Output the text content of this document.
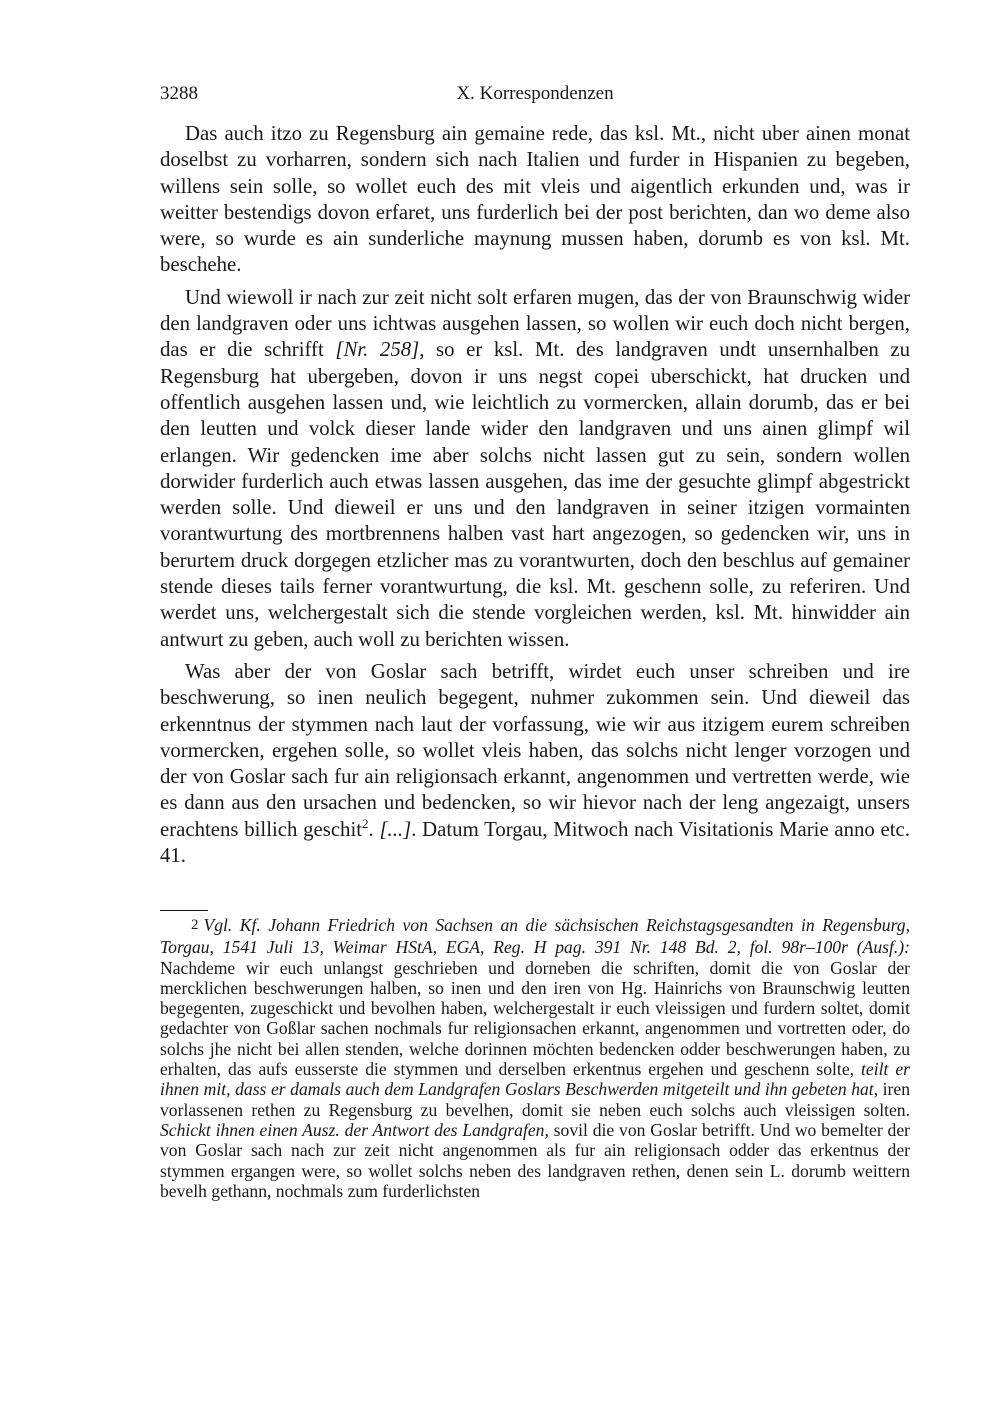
3288	X. Korrespondenzen

Das auch itzo zu Regensburg ain gemaine rede, das ksl. Mt., nicht uber ainen monat doselbst zu vorharren, sondern sich nach Italien und furder in Hispanien zu begeben, willens sein solle, so wollet euch des mit vleis und aigentlich erkunden und, was ir weitter bestendigs dovon erfaret, uns furderlich bei der post berichten, dan wo deme also were, so wurde es ain sunderliche maynung mussen haben, dorumb es von ksl. Mt. beschehe.

Und wiewoll ir nach zur zeit nicht solt erfaren mugen, das der von Braunschwig wider den landgraven oder uns ichtwas ausgehen lassen, so wollen wir euch doch nicht bergen, das er die schrifft [Nr. 258], so er ksl. Mt. des landgraven undt unsernhalben zu Regensburg hat ubergeben, dovon ir uns negst copei uberschickt, hat drucken und offentlich ausgehen lassen und, wie leichtlich zu vormercken, allain dorumb, das er bei den leutten und volck dieser lande wider den landgraven und uns ainen glimpf wil erlangen. Wir gedencken ime aber solchs nicht lassen gut zu sein, sondern wollen dorwider furderlich auch etwas lassen ausgehen, das ime der gesuchte glimpf abgestrickt werden solle. Und dieweil er uns und den landgraven in seiner itzigen vormainten vorantwurtung des mortbrennens halben vast hart angezogen, so gedencken wir, uns in berurtem druck dorgegen etzlicher mas zu vorantwurten, doch den beschlus auf gemainer stende dieses tails ferner vorantwurtung, die ksl. Mt. geschenn solle, zu referiren. Und werdet uns, welchergestalt sich die stende vorgleichen werden, ksl. Mt. hinwidder ain antwurt zu geben, auch woll zu berichten wissen.

Was aber der von Goslar sach betrifft, wirdet euch unser schreiben und ire beschwerung, so inen neulich begegent, nuhmer zukommen sein. Und dieweil das erkenntnus der stymmen nach laut der vorfassung, wie wir aus itzigem eurem schreiben vormercken, ergehen solle, so wollet vleis haben, das solchs nicht lenger vorzogen und der von Goslar sach fur ain religionsach erkannt, angenommen und vertretten werde, wie es dann aus den ursachen und bedencken, so wir hievor nach der leng angezaigt, unsers erachtens billich geschit$^2$. [...]. Datum Torgau, Mitwoch nach Visitationis Marie anno etc. 41.

2 Vgl. Kf. Johann Friedrich von Sachsen an die sächsischen Reichstagsgesandten in Regensburg, Torgau, 1541 Juli 13, Weimar HStA, EGA, Reg. H pag. 391 Nr. 148 Bd. 2, fol. 98r–100r (Ausf.): Nachdeme wir euch unlangst geschrieben und dorneben die schriften, domit die von Goslar der mercklichen beschwerungen halben, so inen und den iren von Hg. Hainrichs von Braunschwig leutten begegenten, zugeschickt und bevolhen haben, welchergestalt ir euch vleissigen und furdern soltet, domit gedachter von Goßlar sachen nochmals fur religionsachen erkannt, angenommen und vortretten oder, do solchs jhe nicht bei allen stenden, welche dorinnen möchten bedencken odder beschwerungen haben, zu erhalten, das aufs eusserste die stymmen und derselben erkentnus ergehen und geschenn solte, teilt er ihnen mit, dass er damals auch dem Landgrafen Goslars Beschwerden mitgeteilt und ihn gebeten hat, iren vorlassenen rethen zu Regensburg zu bevelhen, domit sie neben euch solchs auch vleissigen solten. Schickt ihnen einen Ausz. der Antwort des Landgrafen, sovil die von Goslar betrifft. Und wo bemelter der von Goslar sach nach zur zeit nicht angenommen als fur ain religionsach odder das erkentnus der stymmen ergangen were, so wollet solchs neben des landgraven rethen, denen sein L. dorumb weittern bevelh gethann, nochmals zum furderlichsten
